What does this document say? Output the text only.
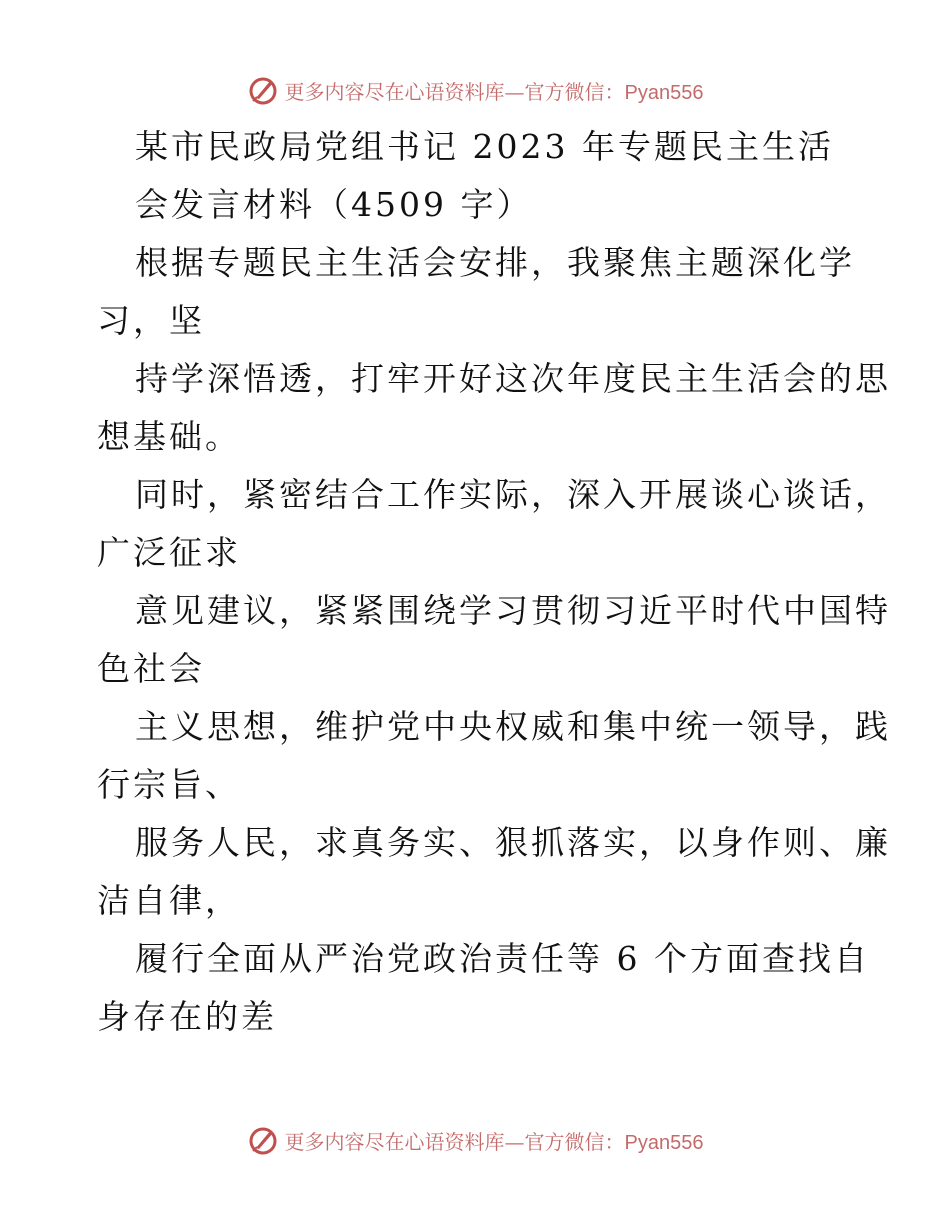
更多内容尽在心语资料库—官方微信：Pyan556
某市民政局党组书记 2023 年专题民主生活
会发言材料（4509 字）
根据专题民主生活会安排，我聚焦主题深化学
习，坚
持学深悟透，打牢开好这次年度民主生活会的思
想基础。
同时，紧密结合工作实际，深入开展谈心谈话，
广泛征求
意见建议，紧紧围绕学习贯彻习近平时代中国特
色社会
主义思想，维护党中央权威和集中统一领导，践
行宗旨、
服务人民，求真务实、狠抓落实，以身作则、廉
洁自律，
履行全面从严治党政治责任等 6 个方面查找自
身存在的差
更多内容尽在心语资料库—官方微信：Pyan556
